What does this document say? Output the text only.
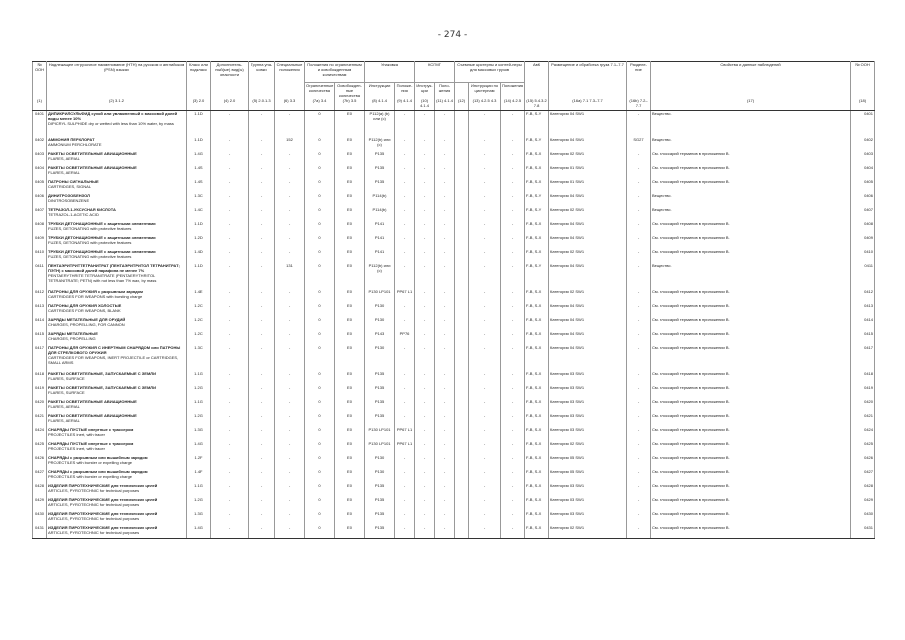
- 274 -
№ ООН	Надлежащее отгрузочное наименование (НТН) на русском и английском (PSN) языках	Класс или подкласс	Дополнитель-ный(ые) вид(ы) опасности	Группа упа-ковки	Специальные положения	Положения по ограниченным и освобожденным количествам		Упаковка		КСГМГ		Съемные цистерны и контей-неры для массовых грузов			АвК	Размещение и обработка груза 7.1–7.7	Разделе-ние	Свойства и данные наблюдений	№ ООН
						Ограниченные количества	Освобожден-ные количества	Инструкции	Положе-ния	Инструк-ции	Поло-жения		Инструкции по цистернам	Положения					
(1)	(2) 3.1.2	(3) 2.0	(4) 2.0	(5) 2.0.1.3	(6) 3.3	(7a) 3.4	(7b) 3.5	(8) 4.1.4	(9) 4.1.4	(10) 4.1.4	(11) 4.1.4	(12)	(13) 4.2.5 4.3	(14) 4.2.5	(15) 5.4.3.2 7.8	(16a) 7.1 7.3–7.7	(16b) 7.2–7.7	(17)	(18)
0401	ДИПИКРИЛСУЛЬФИД сухой или увлажненный с массовой долей воды менее 10%
DIPICRYL SULPHIDE dry or wetted with less than 10% water, by mass	1.1D	-	-	-	0	E0	P112(a) (b) или (c)	-	-	-		-	-	F-B, S-Y	Категория 04 SW1	-	Вещество.	0401
0402	АММОНИЯ ПЕРХЛОРАТ
AMMONIUM PERCHLORATE	1.1D	-	-	152	0	E0	P112(b) или (c)	-	-	-		-	-	F-B, S-Y	Категория 04 SW1	SG27	Вещество.	0402
0403	РАКЕТЫ ОСВЕТИТЕЛЬНЫЕ АВИАЦИОННЫЕ
FLARES, AERIAL	1.4G	-	-	-	0	E0	P135	-	-	-		-	-	F-B, S-X	Категория 02 SW1	-	См. глоссарий терминов в приложении B.	0403
0404	РАКЕТЫ ОСВЕТИТЕЛЬНЫЕ АВИАЦИОННЫЕ
FLARES, AERIAL	1.4S	-	-	-	0	E0	P135	-	-	-		-	-	F-B, S-X	Категория 01 SW1	-	См. глоссарий терминов в приложении B.	0404
0405	ПАТРОНЫ СИГНАЛЬНЫЕ
CARTRIDGES, SIGNAL	1.4S	-	-	-	0	E0	P135	-	-	-		-	-	F-B, S-X	Категория 01 SW1	-	См. глоссарий терминов в приложении B.	0405
0406	ДИНИТРОЗОБЕНЗОЛ
DINITROSOBENZENE	1.3C	-	-	-	0	E0	P114(b)	-	-	-		-	-	F-B, S-Y	Категория 04 SW1	-	Вещество.	0406
0407	ТЕТРАЗОЛ-1-УКСУСНАЯ КИСЛОТА
TETRAZOL-1-ACETIC ACID	1.4C	-	-	-	0	E0	P114(b)	-	-	-		-	-	F-B, S-Y	Категория 02 SW1	-	Вещество.	0407
0408	ТРУБКИ ДЕТОНАЦИОННЫЕ с защитными элементами
FUZES, DETONATING with protective features	1.1D	-	-	-	0	E0	P141	-	-	-		-	-	F-B, S-X	Категория 04 SW1	-	См. глоссарий терминов в приложении B.	0408
0409	ТРУБКИ ДЕТОНАЦИОННЫЕ с защитными элементами
FUZES, DETONATING with protective features	1.2D	-	-	-	0	E0	P141	-	-	-		-	-	F-B, S-X	Категория 04 SW1	-	См. глоссарий терминов в приложении B.	0409
0410	ТРУБКИ ДЕТОНАЦИОННЫЕ с защитными элементами
FUZES, DETONATING with protective features	1.4D	-	-	-	0	E0	P141	-	-	-		-	-	F-B, S-X	Категория 02 SW1	-	См. глоссарий терминов в приложении B.	0410
0411	ПЕНТАЭРИТРИТТЕТРАНИТРАТ (ПЕНТАЭРИТРИТОЛ ТЕТРАНИТРАТ; ПЭТН) с массовой долей парафина не менее 7%
PENTAERYTHRITE TETRANITRATE (PENTAERYTHRITOL TETRANITRATE; PETN) with not less than 7% wax, by mass	1.1D	-	-	131	0	E0	P112(b) или (c)	-	-	-		-	-	F-B, S-Y	Категория 04 SW1	-	Вещество.	0411
0412	ПАТРОНЫ ДЛЯ ОРУЖИЯ с разрывным зарядом
CARTRIDGES FOR WEAPONS with bursting charge	1.4E	-	-	-	0	E0	P130 LP101	PP67 L1	-	-		-	-	F-B, S-X	Категория 02 SW1	-	См. глоссарий терминов в приложении B.	0412
0413	ПАТРОНЫ ДЛЯ ОРУЖИЯ ХОЛОСТЫЕ
CARTRIDGES FOR WEAPONS, BLANK	1.2C	-	-	-	0	E0	P130	-	-	-		-	-	F-B, S-X	Категория 04 SW1	-	См. глоссарий терминов в приложении B.	0413
0414	ЗАРЯДЫ МЕТАТЕЛЬНЫЕ ДЛЯ ОРУДИЙ
CHARGES, PROPELLING, FOR CANNON	1.2C	-	-	-	0	E0	P130	-	-	-		-	-	F-B, S-X	Категория 04 SW1	-	См. глоссарий терминов в приложении B.	0414
0415	ЗАРЯДЫ МЕТАТЕЛЬНЫЕ
CHARGES, PROPELLING	1.2C	-	-	-	0	E0	P143	PP76	-	-		-	-	F-B, S-X	Категория 04 SW1	-	См. глоссарий терминов в приложении B.	0415
0417	ПАТРОНЫ ДЛЯ ОРУЖИЯ С ИНЕРТНЫМ СНАРЯДОМ или ПАТРОНЫ ДЛЯ СТРЕЛКОВОГО ОРУЖИЯ
CARTRIDGES FOR WEAPONS, INERT PROJECTILE or CARTRIDGES, SMALL ARMS	1.3C	-	-	-	0	E0	P130	-	-	-		-	-	F-B, S-X	Категория 04 SW1	-	См. глоссарий терминов в приложении B.	0417
0418	РАКЕТЫ ОСВЕТИТЕЛЬНЫЕ, ЗАПУСКАЕМЫЕ С ЗЕМЛИ
FLARES, SURFACE	1.1G	-	-	-	0	E0	P135	-	-	-		-	-	F-B, S-X	Категория 03 SW1	-	См. глоссарий терминов в приложении B.	0418
0419	РАКЕТЫ ОСВЕТИТЕЛЬНЫЕ, ЗАПУСКАЕМЫЕ С ЗЕМЛИ
FLARES, SURFACE	1.2G	-	-	-	0	E0	P135	-	-	-		-	-	F-B, S-X	Категория 03 SW1	-	См. глоссарий терминов в приложении B.	0419
0420	РАКЕТЫ ОСВЕТИТЕЛЬНЫЕ АВИАЦИОННЫЕ
FLARES, AERIAL	1.1G	-	-	-	0	E0	P135	-	-	-		-	-	F-B, S-X	Категория 03 SW1	-	См. глоссарий терминов в приложении B.	0420
0421	РАКЕТЫ ОСВЕТИТЕЛЬНЫЕ АВИАЦИОННЫЕ
FLARES, AERIAL	1.2G	-	-	-	0	E0	P135	-	-	-		-	-	F-B, S-X	Категория 03 SW1	-	См. глоссарий терминов в приложении B.	0421
0424	СНАРЯДЫ ПУСТЫЕ инертные с трассером
PROJECTILES inert, with tracer	1.3G	-	-	-	0	E0	P130 LP101	PP67 L1	-	-		-	-	F-B, S-X	Категория 03 SW1	-	См. глоссарий терминов в приложении B.	0424
0425	СНАРЯДЫ ПУСТЫЕ инертные с трассером
PROJECTILES inert, with tracer	1.4G	-	-	-	0	E0	P130 LP101	PP67 L1	-	-		-	-	F-B, S-X	Категория 02 SW1	-	См. глоссарий терминов в приложении B.	0425
0426	СНАРЯДЫ с разрывным или вышибным зарядом
PROJECTILES with burster or expelling charge	1.2F	-	-	-	0	E0	P130	-	-	-		-	-	F-B, S-X	Категория 05 SW1	-	См. глоссарий терминов в приложении B.	0426
0427	СНАРЯДЫ с разрывным или вышибным зарядом
PROJECTILES with burster or expelling charge	1.4F	-	-	-	0	E0	P130	-	-	-		-	-	F-B, S-X	Категория 05 SW1	-	См. глоссарий терминов в приложении B.	0427
0428	ИЗДЕЛИЯ ПИРОТЕХНИЧЕСКИЕ для технических целей
ARTICLES, PYROTECHNIC for technical purposes	1.1G	-	-	-	0	E0	P135	-	-	-		-	-	F-B, S-X	Категория 03 SW1	-	См. глоссарий терминов в приложении B.	0428
0429	ИЗДЕЛИЯ ПИРОТЕХНИЧЕСКИЕ для технических целей
ARTICLES, PYROTECHNIC for technical purposes	1.2G	-	-	-	0	E0	P135	-	-	-		-	-	F-B, S-X	Категория 03 SW1	-	См. глоссарий терминов в приложении B.	0429
0430	ИЗДЕЛИЯ ПИРОТЕХНИЧЕСКИЕ для технических целей
ARTICLES, PYROTECHNIC for technical purposes	1.3G	-	-	-	0	E0	P135	-	-	-		-	-	F-B, S-X	Категория 03 SW1	-	См. глоссарий терминов в приложении B.	0430
0431	ИЗДЕЛИЯ ПИРОТЕХНИЧЕСКИЕ для технических целей
ARTICLES, PYROTECHNIC for technical purposes	1.4G	-	-	-	0	E0	P135	-	-	-		-	-	F-B, S-X	Категория 02 SW1	-	См. глоссарий терминов в приложении B.	0431
